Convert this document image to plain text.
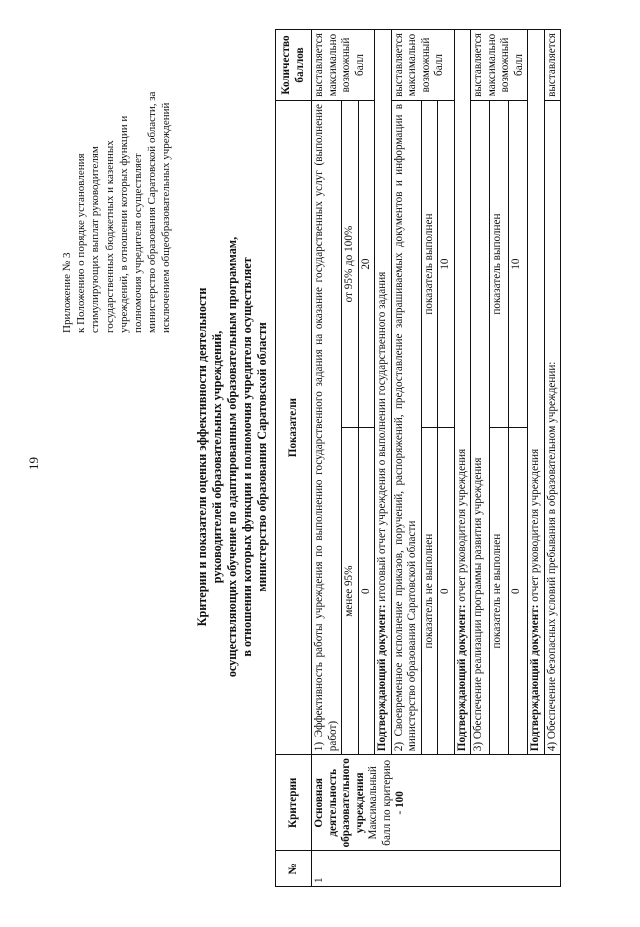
19
Приложение № 3 к Положению о порядке установления стимулирующих выплат руководителям государственных бюджетных и казенных учреждений, в отношении которых функции и полномочия учредителя осуществляет министерство образования Саратовской области, за исключением общеобразовательных учреждений
Критерии и показатели оценки эффективности деятельности руководителей образовательных учреждений, осуществляющих обучение по адаптированным образовательным программам, в отношении которых функции и полномочия учредителя осуществляет министерство образования Саратовской области
№	Критерии	Показатели		Количество баллов
1	Основная деятельность образовательного учреждения Максимальный балл по критерию - 100	1) Эффективность работы учреждения по выполнению государственного задания на оказание государственных услуг (выполнение работ)		выставляется максимально возможный балл
		менее 95%	от 95% до 100%	
		0	20	
		Подтверждающий документ: итоговый отчет учреждения о выполнении государственного задания		
		2) Своевременное исполнение приказов, поручений, распоряжений, предоставление запрашиваемых документов и информации в министерство образования Саратовской области		выставляется максимально возможный балл
		показатель не выполнен	показатель выполнен	
		0	10	
		Подтверждающий документ: отчет руководителя учреждения		
		3) Обеспечение реализации программы развития учреждения		выставляется максимально возможный балл
		показатель не выполнен	показатель выполнен	
		0	10	
		Подтверждающий документ: отчет руководителя учреждения		
		4) Обеспечение безопасных условий пребывания в образовательном учреждении:		выставляется
